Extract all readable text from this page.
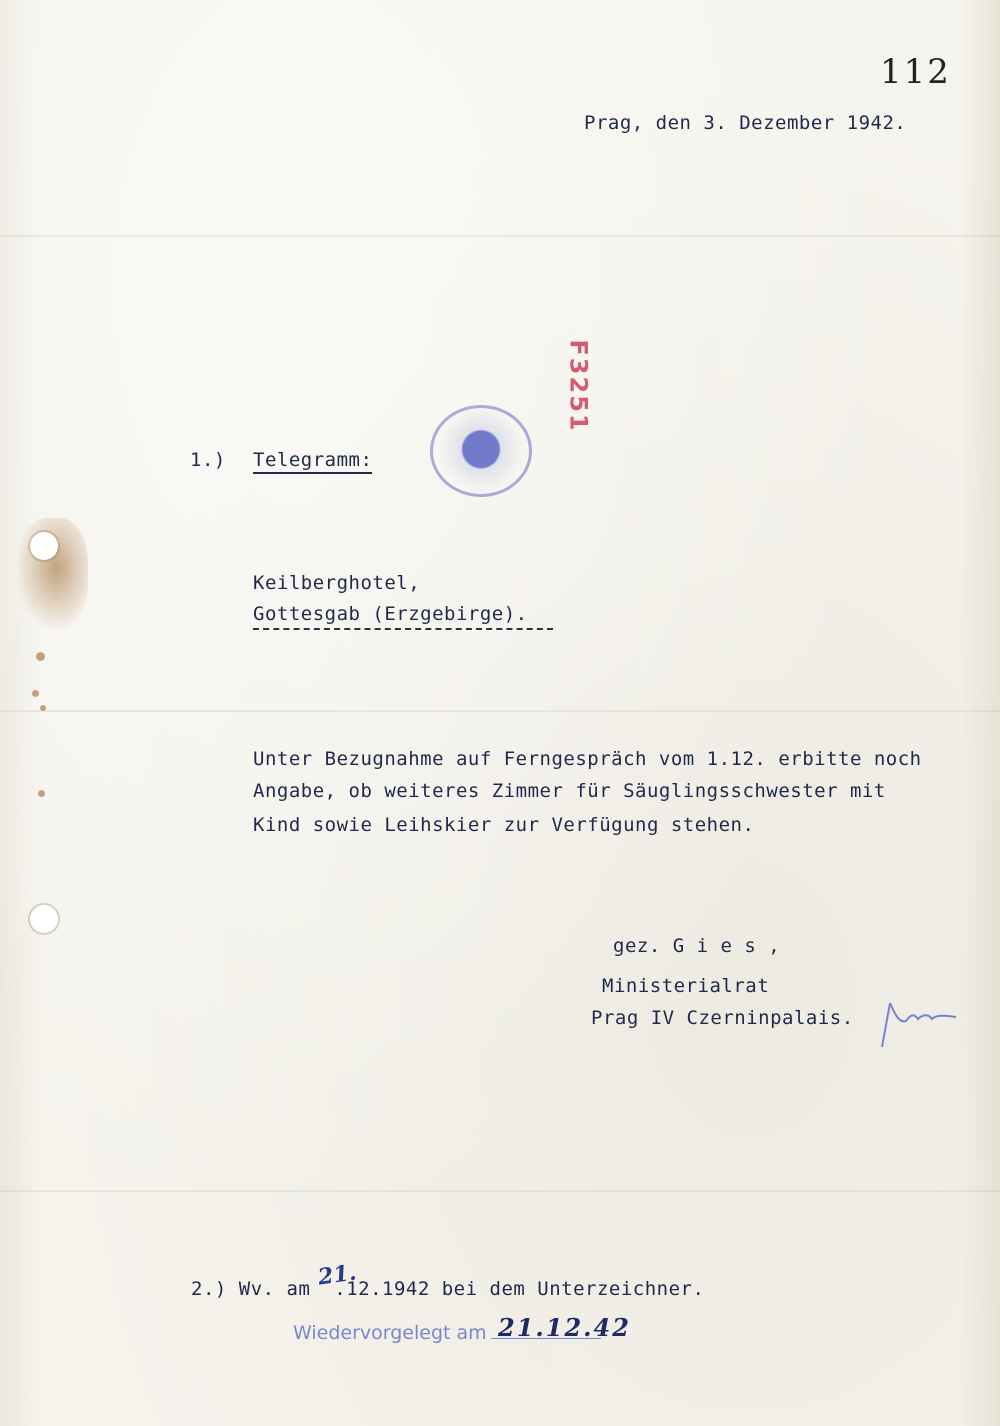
112
Prag, den 3. Dezember 1942.
F3251
1.) Telegramm:
Keilberghotel,
Gottesgab (Erzgebirge).
Unter Bezugnahme auf Ferngespräch vom 1.12. erbitte noch
Angabe, ob weiteres Zimmer für Säuglingsschwester mit
Kind sowie Leihskier zur Verfügung stehen.
gez. G i e s ,
Ministerialrat
Prag IV Czerninpalais.
2.) Wv. am .12.1942 bei dem Unterzeichner.
21.
Wiedervorgelegt am 21.12.42
